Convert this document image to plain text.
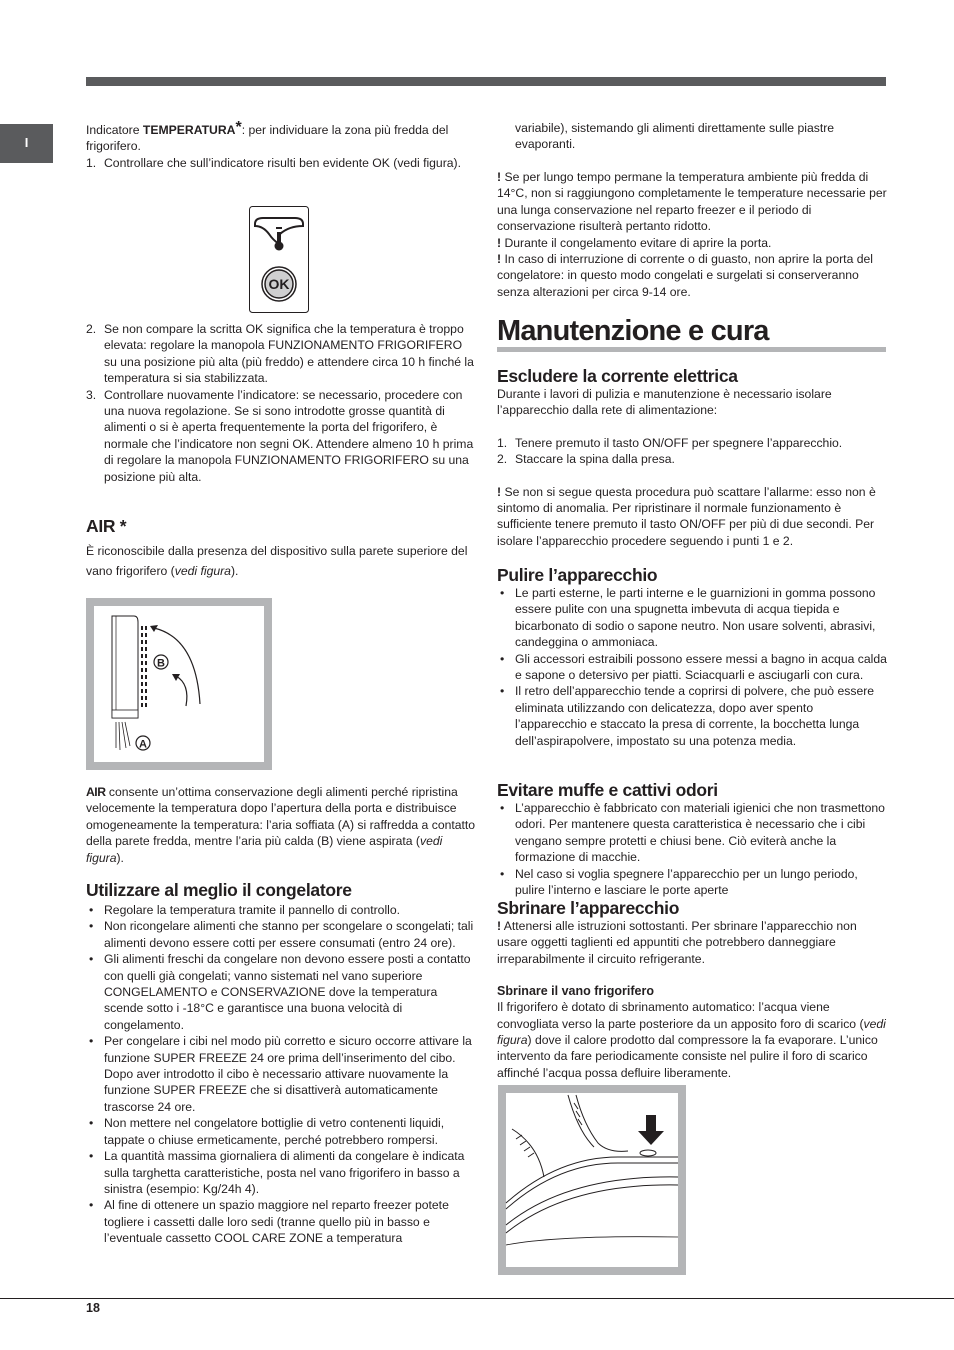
I

Indicatore TEMPERATURA*: per individuare la zona più fredda del frigorifero.

1. Controllare che sull’indicatore risulti ben evidente OK (vedi figura).
OK
2. Se non compare la scritta OK significa che la temperatura è troppo elevata: regolare la manopola FUNZIONAMENTO FRIGORIFERO su una posizione più alta (più freddo) e attendere circa 10 h finché la temperatura si sia stabilizzata.
3. Controllare nuovamente l’indicatore: se necessario, procedere con una nuova regolazione. Se si sono introdotte grosse quantità di alimenti o si è aperta frequentemente la porta del frigorifero, è normale che l’indicatore non segni OK. Attendere almeno 10 h prima di regolare la manopola FUNZIONAMENTO FRIGORIFERO su una posizione più alta.
AIR *

È riconoscibile dalla presenza del dispositivo sulla parete superiore del vano frigorifero (vedi figura).

B
A

AIR consente un’ottima conservazione degli alimenti perché ripristina velocemente la temperatura dopo l’apertura della porta e distribuisce omogeneamente la temperatura: l’aria soffiata (A) si raffredda a contatto della parete fredda, mentre l’aria più calda (B) viene aspirata (vedi figura).

Utilizzare al meglio il congelatore
• Regolare la temperatura tramite il pannello di controllo.
• Non ricongelare alimenti che stanno per scongelare o scongelati; tali alimenti devono essere cotti per essere consumati (entro 24 ore).
• Gli alimenti freschi da congelare non devono essere posti a contatto con quelli già congelati; vanno sistemati nel vano superiore CONGELAMENTO e CONSERVAZIONE dove la temperatura scende sotto i -18°C e garantisce una buona velocità di congelamento.
• Per congelare i cibi nel modo più corretto e sicuro occorre attivare la funzione SUPER FREEZE 24 ore prima dell’inserimento del cibo. Dopo aver introdotto il cibo è necessario attivare nuovamente la funzione SUPER FREEZE che si disattiverà automaticamente trascorse 24 ore.
• Non mettere nel congelatore bottiglie di vetro contenenti liquidi, tappate o chiuse ermeticamente, perché potrebbero rompersi.
• La quantità massima giornaliera di alimenti da congelare è indicata sulla targhetta caratteristiche, posta nel vano frigorifero in basso a sinistra (esempio: Kg/24h 4).
• Al fine di ottenere un spazio maggiore nel reparto freezer potete togliere i cassetti dalle loro sedi (tranne quello più in basso e l’eventuale cassetto COOL CARE ZONE a temperatura

variabile), sistemando gli alimenti direttamente sulle piastre evaporanti.

! Se per lungo tempo permane la temperatura ambiente più fredda di 14°C, non si raggiungono completamente le temperature necessarie per una lunga conservazione nel reparto freezer e il periodo di conservazione risulterà pertanto ridotto.

! Durante il congelamento evitare di aprire la porta.

! In caso di interruzione di corrente o di guasto, non aprire la porta del congelatore: in questo modo congelati e surgelati si conserveranno senza alterazioni per circa 9-14 ore.

Manutenzione e cura
Escludere la corrente elettrica

Durante i lavori di pulizia e manutenzione è necessario isolare l’apparecchio dalla rete di alimentazione:

1. Tenere premuto il tasto ON/OFF per spegnere l’apparecchio.
2. Staccare la spina dalla presa.

! Se non si segue questa procedura può scattare l’allarme: esso non è sintomo di anomalia. Per ripristinare il normale funzionamento è sufficiente tenere premuto il tasto ON/OFF per più di due secondi. Per isolare l’apparecchio procedere seguendo i punti 1 e 2.

Pulire l’apparecchio
• Le parti esterne, le parti interne e le guarnizioni in gomma possono essere pulite con una spugnetta imbevuta di acqua tiepida e bicarbonato di sodio o sapone neutro. Non usare solventi, abrasivi, candeggina o ammoniaca.
• Gli accessori estraibili possono essere messi a bagno in acqua calda e sapone o detersivo per piatti. Sciacquarli e asciugarli con cura.
• Il retro dell’apparecchio tende a coprirsi di polvere, che può essere eliminata utilizzando con delicatezza, dopo aver spento l’apparecchio e staccato la presa di corrente, la bocchetta lunga dell’aspirapolvere, impostato su una potenza media.
Evitare muffe e cattivi odori
• L’apparecchio è fabbricato con materiali igienici che non trasmettono odori. Per mantenere questa caratteristica è necessario che i cibi vengano sempre protetti e chiusi bene. Ciò eviterà anche la formazione di macchie.
• Nel caso si voglia spegnere l’apparecchio per un lungo periodo, pulire l’interno e lasciare le porte aperte
Sbrinare l’apparecchio

! Attenersi alle istruzioni sottostanti. Per sbrinare l’apparecchio non usare oggetti taglienti ed appuntiti che potrebbero danneggiare irreparabilmente il circuito refrigerante.

Sbrinare il vano frigorifero

Il frigorifero è dotato di sbrinamento automatico: l’acqua viene convogliata verso la parte posteriore da un apposito foro di scarico (vedi figura) dove il calore prodotto dal compressore la fa evaporare. L’unico intervento da fare periodicamente consiste nel pulire il foro di scarico affinché l’acqua possa defluire liberamente.

18
